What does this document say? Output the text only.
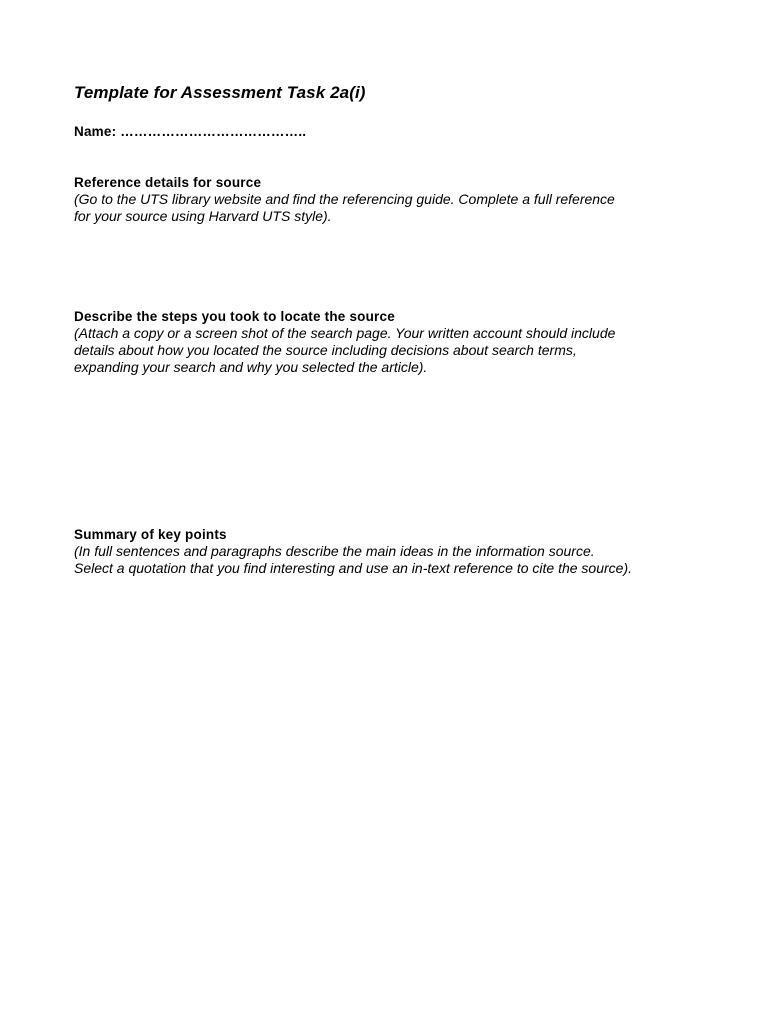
Template for Assessment Task 2a(i)
Name: …………………………………..
Reference details for source
(Go to the UTS library website and find the referencing guide. Complete a full reference
for your source using Harvard UTS style).
Describe the steps you took to locate the source
(Attach a copy or a screen shot of the search page. Your written account should include
details about how you located the source including decisions about search terms,
expanding your search and why you selected the article).
Summary of key points
(In full sentences and paragraphs describe the main ideas in the information source.
Select a quotation that you find interesting and use an in-text reference to cite the source).
